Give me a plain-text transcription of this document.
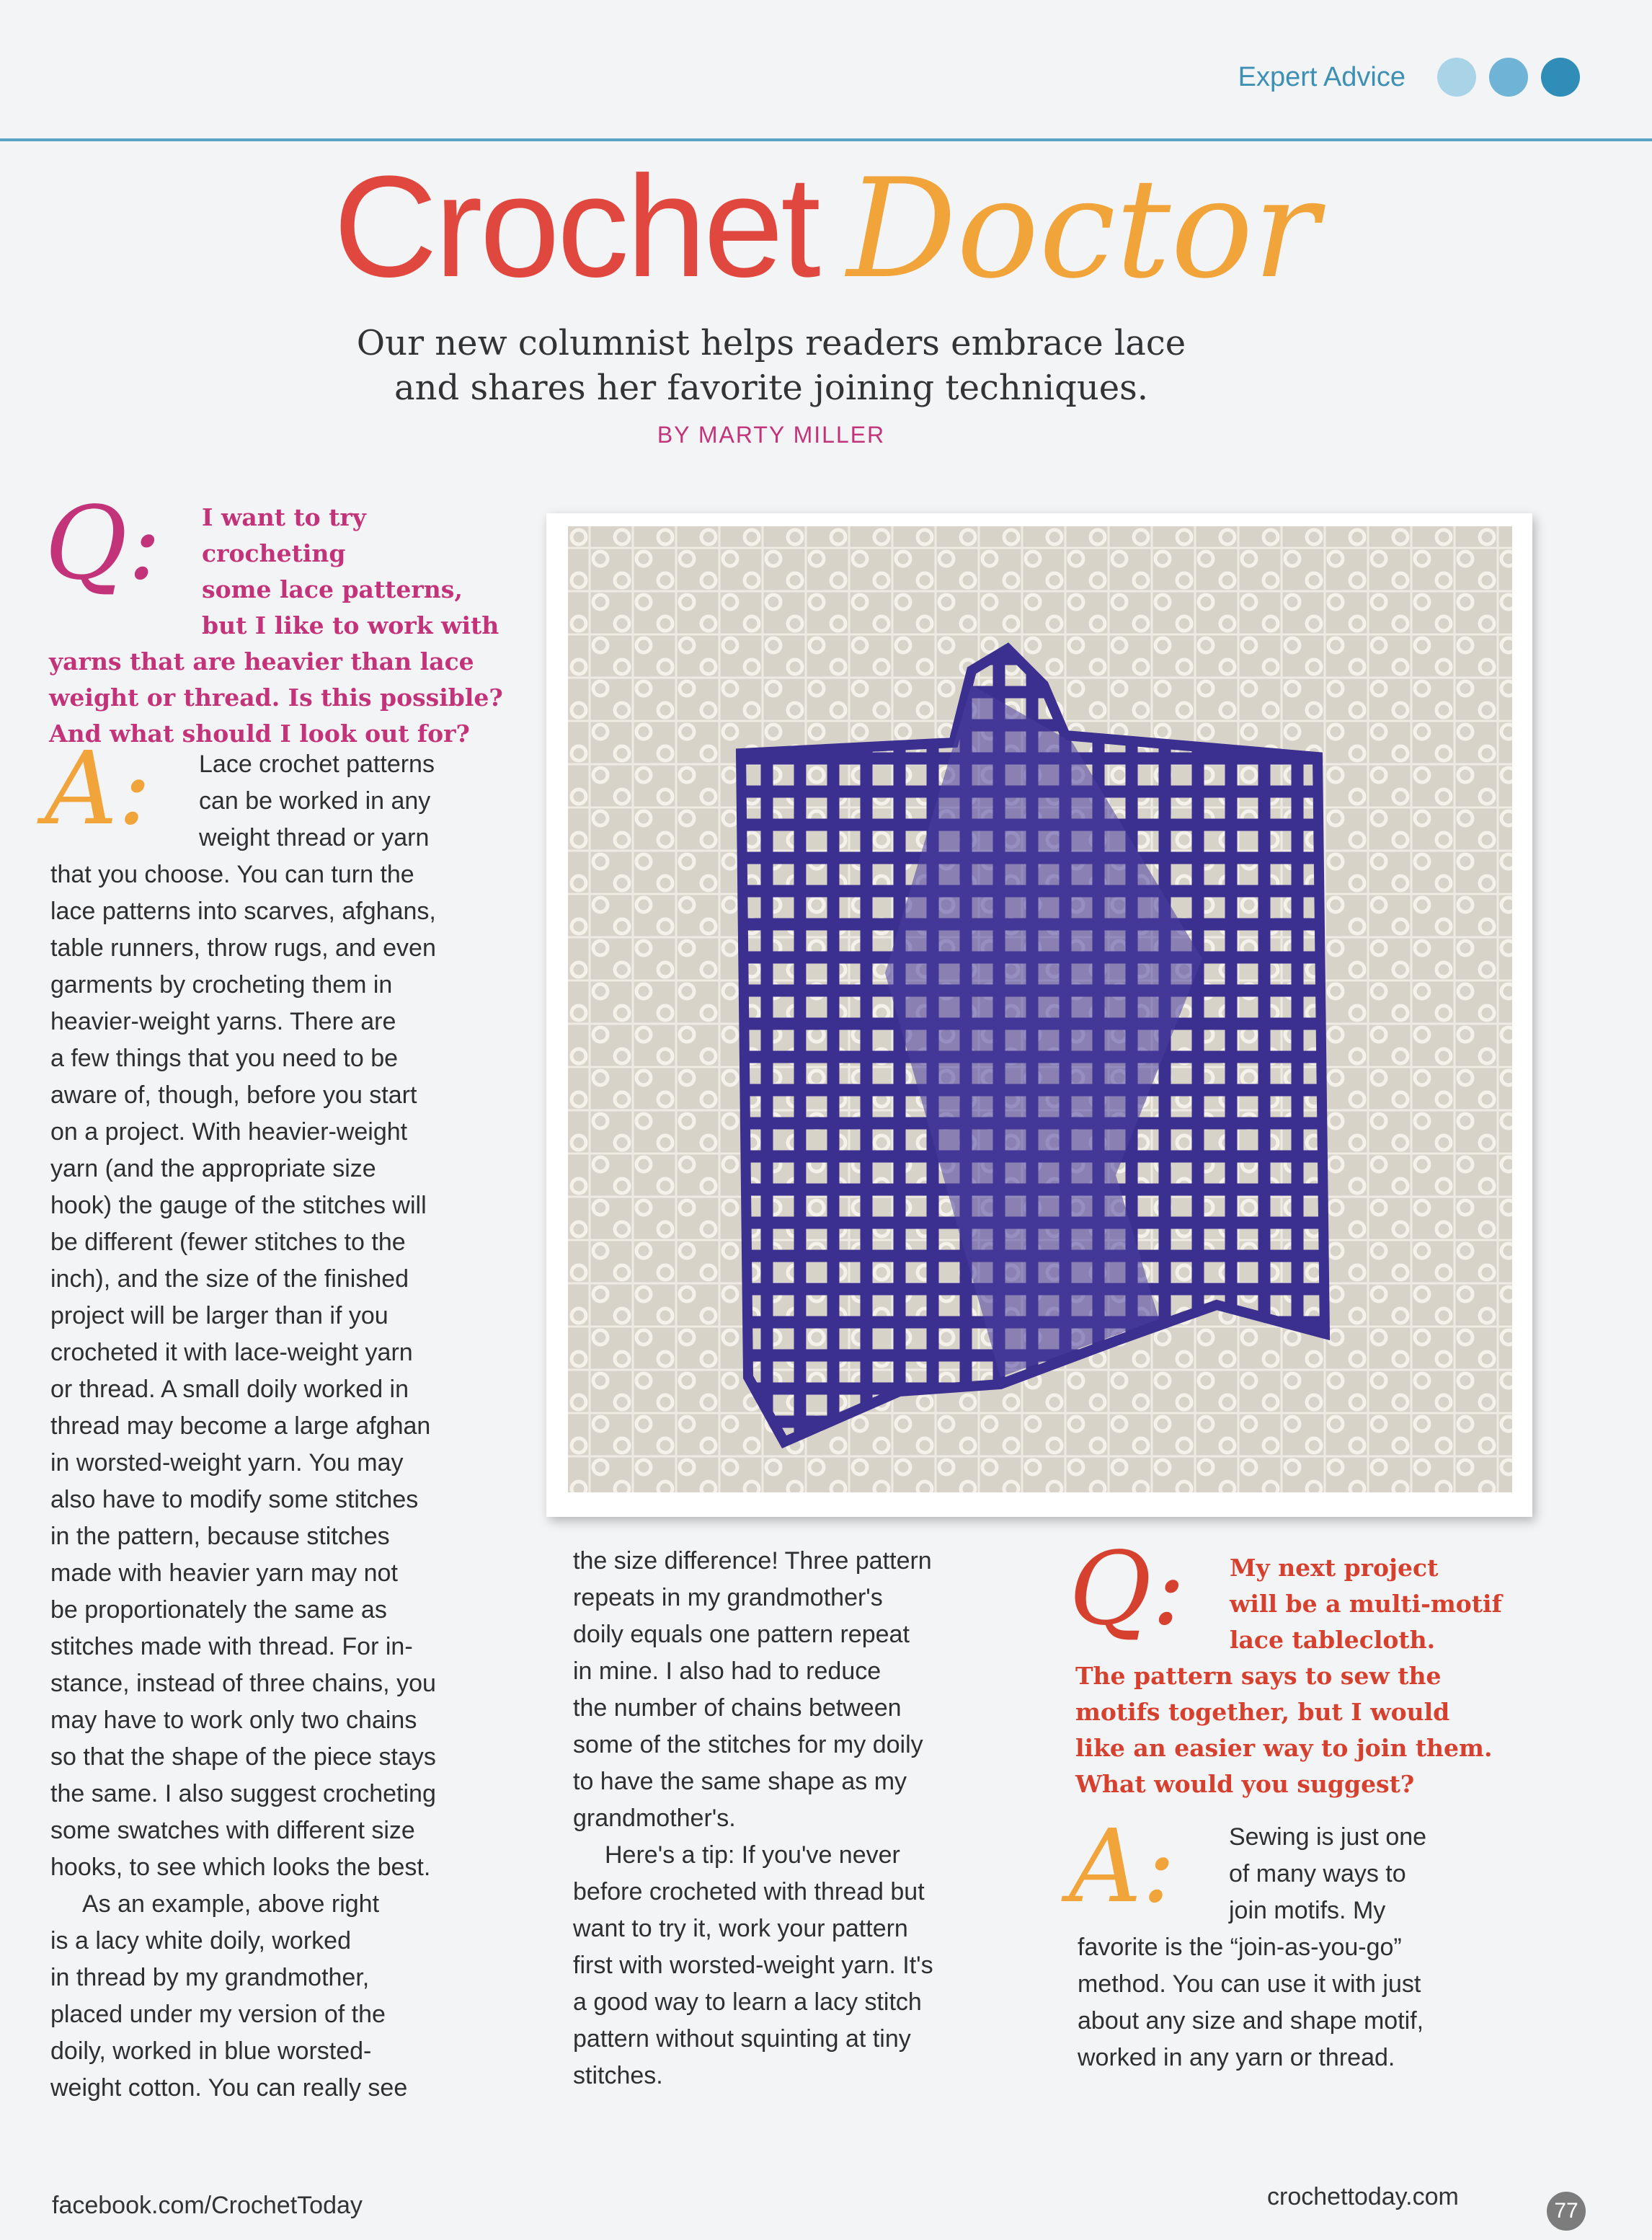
Expert Advice
Crochet Doctor
Our new columnist helps readers embrace lace
and shares her favorite joining techniques.
BY MARTY MILLER
Q:	I want to try crocheting
some lace patterns,
but I like to work with
yarns that are heavier than lace
weight or thread. Is this possible?
And what should I look out for?
A:	Lace crochet patterns
can be worked in any
weight thread or yarn
that you choose. You can turn the
lace patterns into scarves, afghans,
table runners, throw rugs, and even
garments by crocheting them in
heavier-weight yarns. There are
a few things that you need to be
aware of, though, before you start
on a project. With heavier-weight
yarn (and the appropriate size
hook) the gauge of the stitches will
be different (fewer stitches to the
inch), and the size of the finished
project will be larger than if you
crocheted it with lace-weight yarn
or thread. A small doily worked in
thread may become a large afghan
in worsted-weight yarn. You may
also have to modify some stitches
in the pattern, because stitches
made with heavier yarn may not
be proportionately the same as
stitches made with thread. For in-
stance, instead of three chains, you
may have to work only two chains
so that the shape of the piece stays
the same. I also suggest crocheting
some swatches with different size
hooks, to see which looks the best.
As an example, above right
is a lacy white doily, worked
in thread by my grandmother,
placed under my version of the
doily, worked in blue worsted-
weight cotton. You can really see
the size difference! Three pattern
repeats in my grandmother's
doily equals one pattern repeat
in mine. I also had to reduce
the number of chains between
some of the stitches for my doily
to have the same shape as my
grandmother's.
Here's a tip: If you've never
before crocheted with thread but
want to try it, work your pattern
first with worsted-weight yarn. It's
a good way to learn a lacy stitch
pattern without squinting at tiny
stitches.
Q:	My next project
will be a multi-motif
lace tablecloth.
The pattern says to sew the
motifs together, but I would
like an easier way to join them.
What would you suggest?
A:	Sewing is just one
of many ways to
join motifs. My
favorite is the “join-as-you-go”
method. You can use it with just
about any size and shape motif,
worked in any yarn or thread.
facebook.com/CrochetToday	crochettoday.com
77
